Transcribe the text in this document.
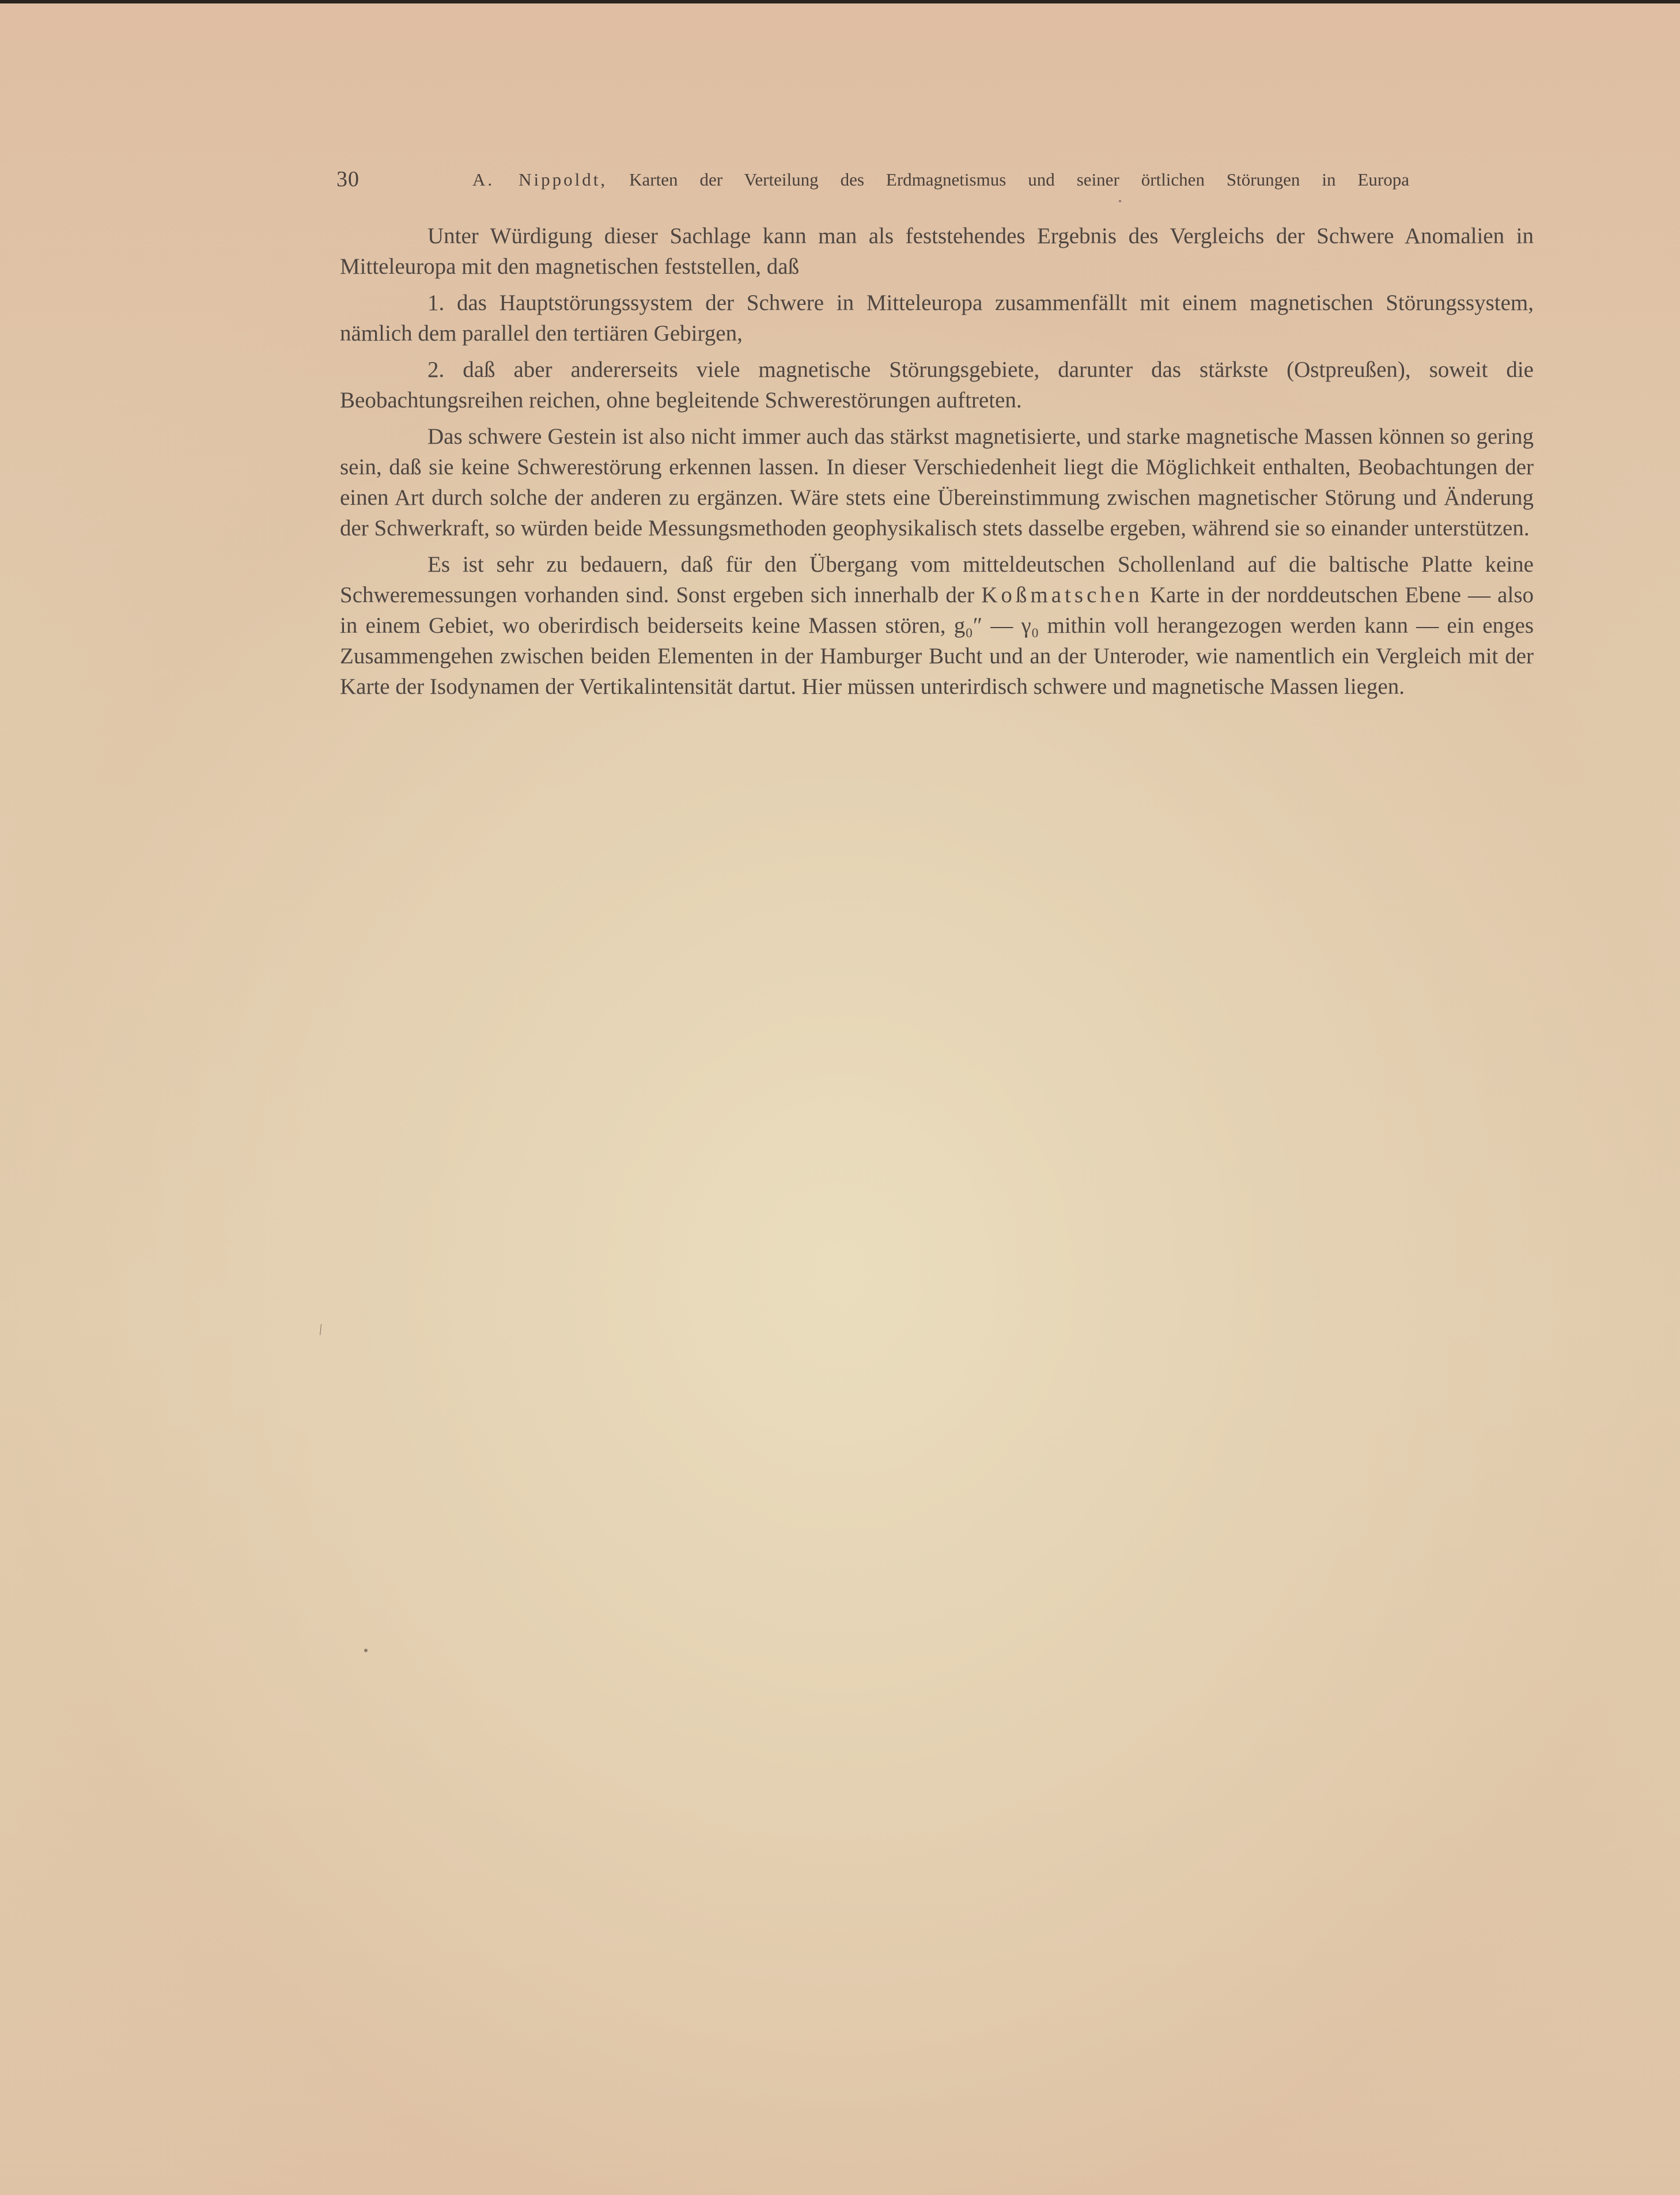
30	A. Nippoldt, Karten der Verteilung des Erdmagnetismus und seiner örtlichen Störungen in Europa

Unter Würdigung dieser Sachlage kann man als feststehendes Ergebnis des Vergleichs der Schwere Anomalien in Mitteleuropa mit den magnetischen feststellen, daß

1. das Hauptstörungssystem der Schwere in Mitteleuropa zusammenfällt mit einem magnetischen Störungssystem, nämlich dem parallel den tertiären Gebirgen,

2. daß aber andererseits viele magnetische Störungsgebiete, darunter das stärkste (Ostpreußen), soweit die Beobachtungsreihen reichen, ohne begleitende Schwerestörungen auftreten.

Das schwere Gestein ist also nicht immer auch das stärkst magnetisierte, und starke magnetische Massen können so gering sein, daß sie keine Schwerestörung erkennen lassen. In dieser Verschiedenheit liegt die Möglichkeit enthalten, Beobachtungen der einen Art durch solche der anderen zu ergänzen. Wäre stets eine Übereinstimmung zwischen magnetischer Störung und Änderung der Schwerkraft, so würden beide Messungsmethoden geophysikalisch stets dasselbe ergeben, während sie so einander unterstützen.

Es ist sehr zu bedauern, daß für den Übergang vom mitteldeutschen Schollenland auf die baltische Platte keine Schweremessungen vorhanden sind. Sonst ergeben sich innerhalb der Koßmatschen Karte in der norddeutschen Ebene — also in einem Gebiet, wo oberirdisch beiderseits keine Massen stören, g₀″ — γ₀ mithin voll herangezogen werden kann — ein enges Zusammengehen zwischen beiden Elementen in der Hamburger Bucht und an der Unteroder, wie namentlich ein Vergleich mit der Karte der Isodynamen der Vertikalintensität dartut. Hier müssen unterirdisch schwere und magnetische Massen liegen.

⁄
